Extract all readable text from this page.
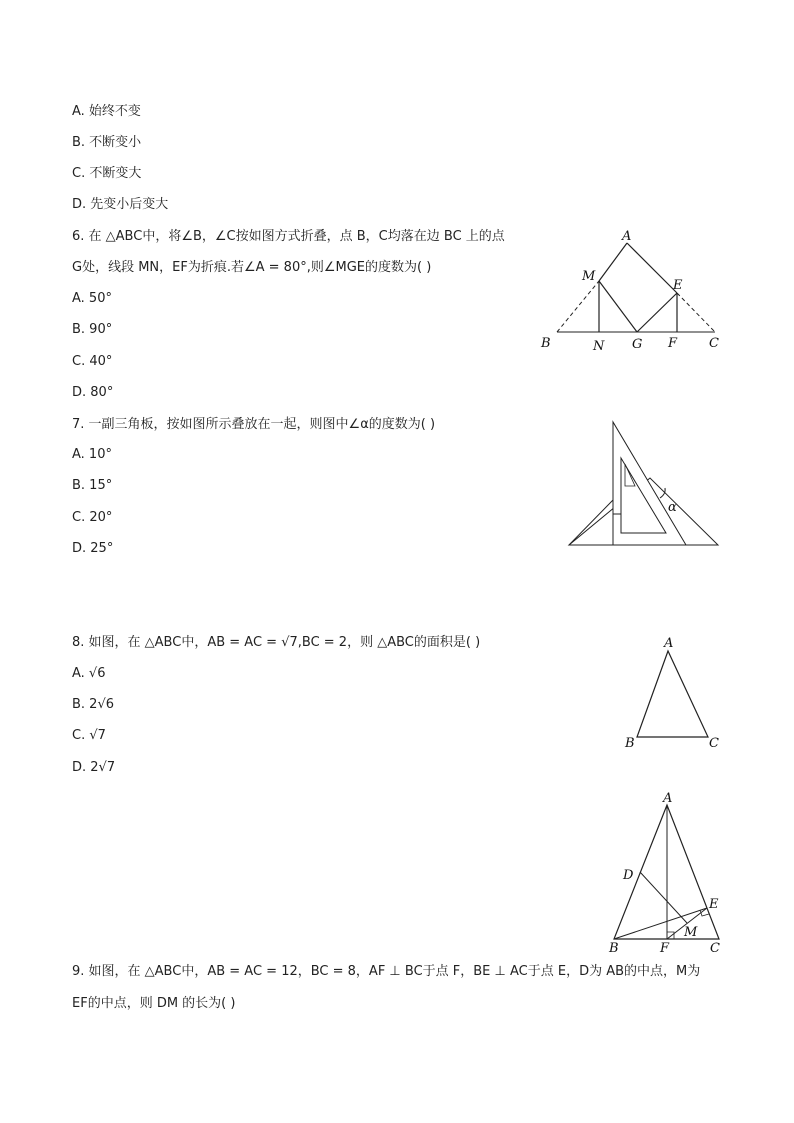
A. 始终不变
B. 不断变小
C. 不断变大
D. 先变小后变大
6. 在 △ABC中，将∠B，∠C按如图方式折叠，点 B，C均落在边 BC 上的点
G处，线段 MN，EF为折痕.若∠A = 80°,则∠MGE的度数为( )
A. 50°
B. 90°
C. 40°
D. 80°
A
M
E
B	N G F C
7. 一副三角板，按如图所示叠放在一起，则图中∠α的度数为( )
A. 10°
B. 15°
C. 20°
D. 25°
α
8. 如图，在 △ABC中，AB = AC = √7,BC = 2，则 △ABC的面积是( )
A. √6
B. 2√6
C. √7
D. 2√7
A
B	C
A
D
E
M
B	F	C
9. 如图，在 △ABC中，AB = AC = 12，BC = 8，AF ⊥ BC于点 F，BE ⊥ AC于点 E，D为 AB的中点，M为
EF的中点，则 DM 的长为( )
